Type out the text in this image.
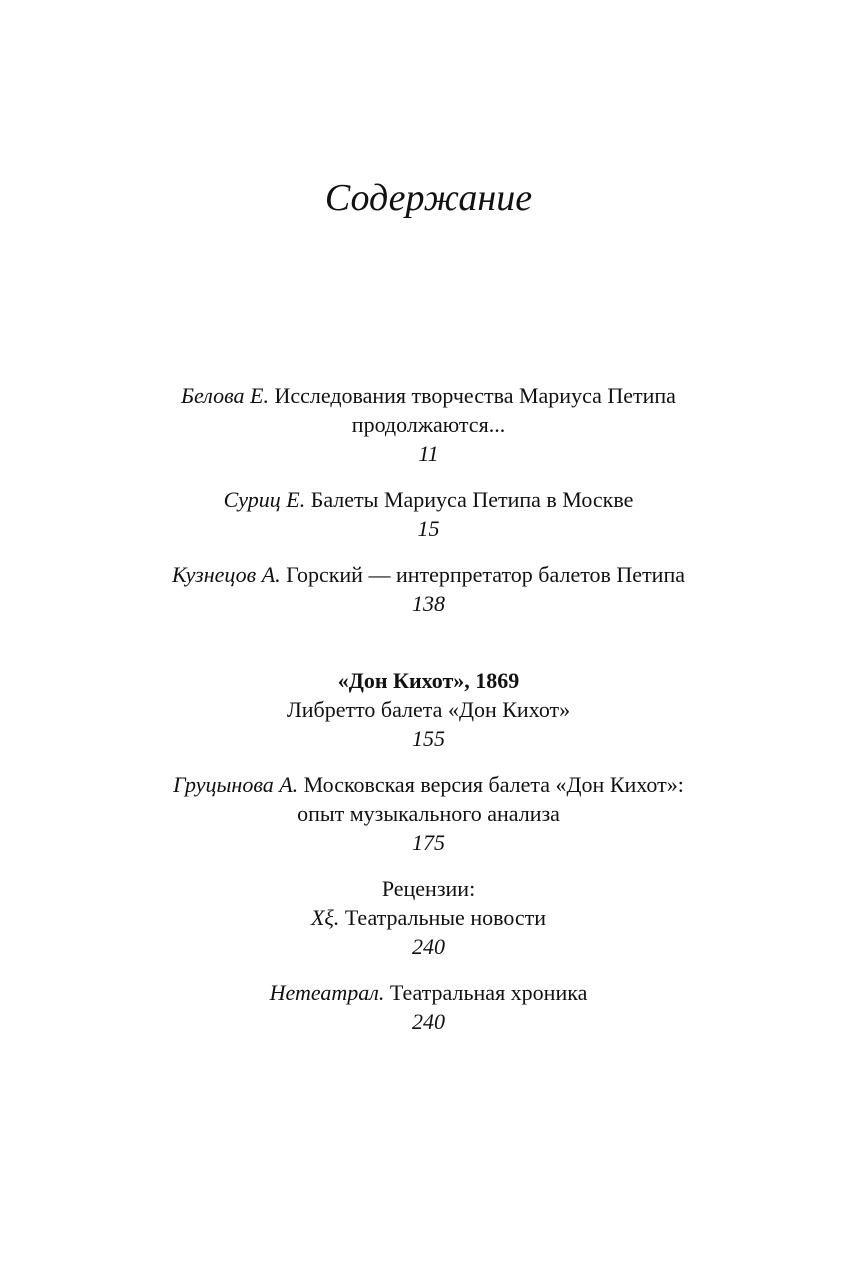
Содержание
Белова Е. Исследования творчества Мариуса Петипа
продолжаются...
11
Суриц Е. Балеты Мариуса Петипа в Москве
15
Кузнецов А. Горский — интерпретатор балетов Петипа
138
«Дон Кихот», 1869
Либретто балета «Дон Кихот»
155
Груцынова А. Московская версия балета «Дон Кихот»:
опыт музыкального анализа
175
Рецензии:
Xξ. Театральные новости
240
Нетеатрал. Театральная хроника
240
